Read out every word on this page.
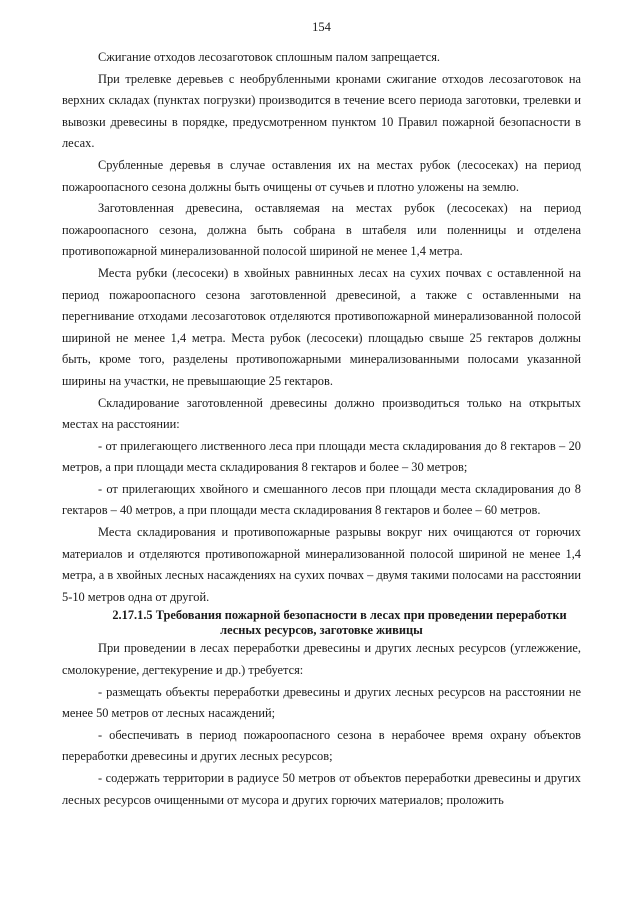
154

Сжигание отходов лесозаготовок сплошным палом запрещается.

При трелевке деревьев с необрубленными кронами сжигание отходов лесозаготовок на верхних складах (пунктах погрузки) производится в течение всего периода заготовки, трелевки и вывозки древесины в порядке, предусмотренном пунктом 10 Правил пожарной безопасности в лесах.

Срубленные деревья в случае оставления их на местах рубок (лесосеках) на период пожароопасного сезона должны быть очищены от сучьев и плотно уложены на землю.

Заготовленная древесина, оставляемая на местах рубок (лесосеках) на период пожароопасного сезона, должна быть собрана в штабеля или поленницы и отделена противопожарной минерализованной полосой шириной не менее 1,4 метра.

Места рубки (лесосеки) в хвойных равнинных лесах на сухих почвах с оставленной на период пожароопасного сезона заготовленной древесиной, а также с оставленными на перегнивание отходами лесозаготовок отделяются противопожарной минерализованной полосой шириной не менее 1,4 метра. Места рубок (лесосеки) площадью свыше 25 гектаров должны быть, кроме того, разделены противопожарными минерализованными полосами указанной ширины на участки, не превышающие 25 гектаров.

Складирование заготовленной древесины должно производиться только на открытых местах на расстоянии:

- от прилегающего лиственного леса при площади места складирования до 8 гектаров – 20 метров, а при площади места складирования 8 гектаров и более – 30 метров;

- от прилегающих хвойного и смешанного лесов при площади места складирования до 8 гектаров – 40 метров, а при площади места складирования 8 гектаров и более – 60 метров.

Места складирования и противопожарные разрывы вокруг них очищаются от горючих материалов и отделяются противопожарной минерализованной полосой шириной не менее 1,4 метра, а в хвойных лесных насаждениях на сухих почвах – двумя такими полосами на расстоянии 5-10 метров одна от другой.

2.17.1.5 Требования пожарной безопасности в лесах при проведении переработки лесных ресурсов, заготовке живицы

При проведении в лесах переработки древесины и других лесных ресурсов (углежжение, смолокурение, дегтекурение и др.) требуется:

- размещать объекты переработки древесины и других лесных ресурсов на расстоянии не менее 50 метров от лесных насаждений;

- обеспечивать в период пожароопасного сезона в нерабочее время охрану объектов переработки древесины и других лесных ресурсов;

- содержать территории в радиусе 50 метров от объектов переработки древесины и других лесных ресурсов очищенными от мусора и других горючих материалов; проложить
